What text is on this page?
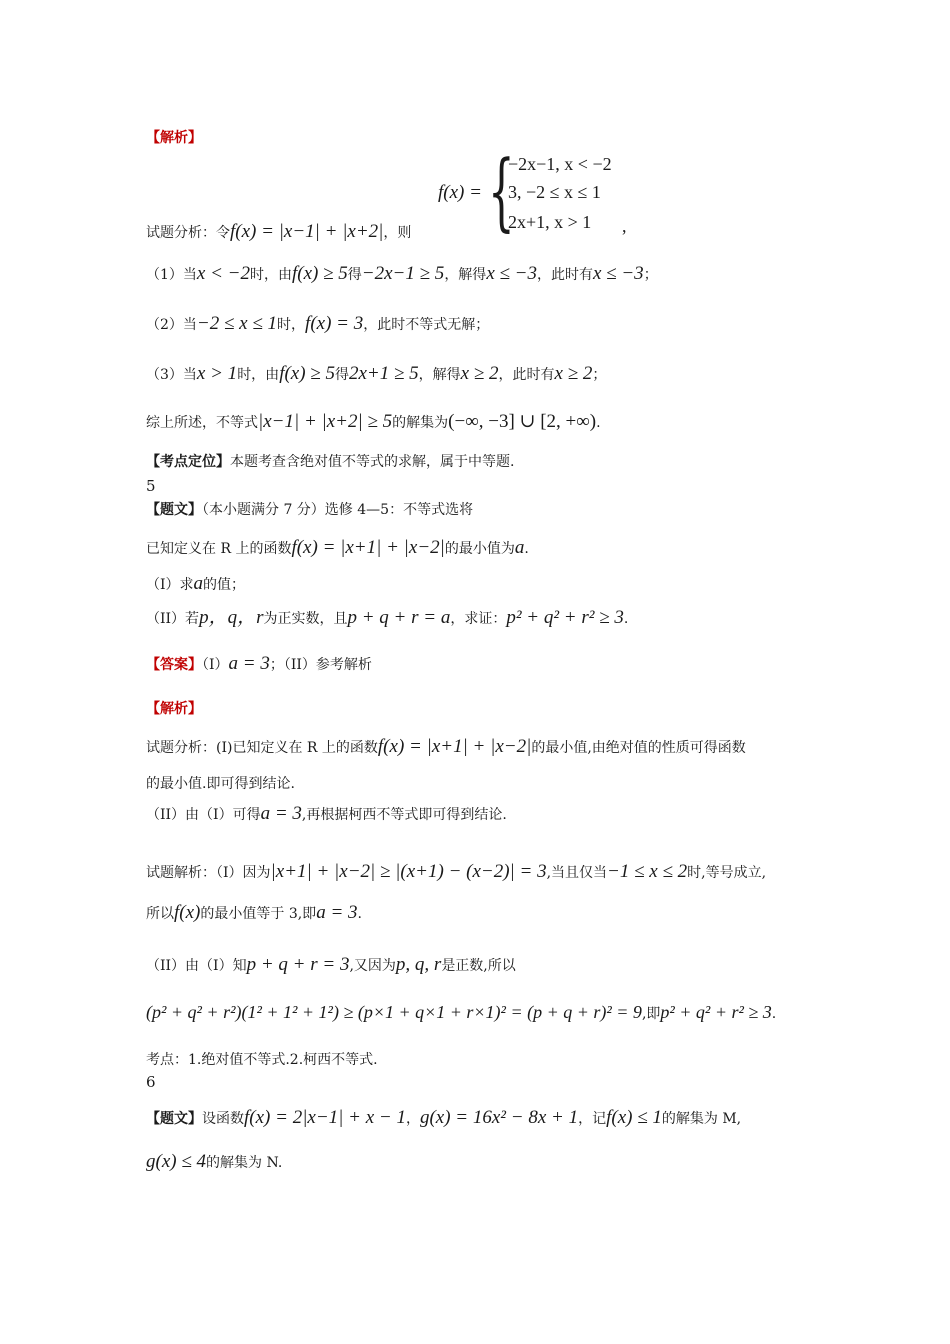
【解析】
f(x) = {
−2x−1, x < −2
3, −2 ≤ x ≤ 1
2x+1, x > 1 ,
试题分析：令f(x) = |x−1| + |x+2|，则
（1）当x < −2时，由f(x) ≥ 5得−2x−1 ≥ 5，解得x ≤ −3，此时有x ≤ −3；
（2）当−2 ≤ x ≤ 1时，f(x) = 3，此时不等式无解；
（3）当x > 1时，由f(x) ≥ 5得2x+1 ≥ 5，解得x ≥ 2，此时有x ≥ 2；
综上所述，不等式|x−1| + |x+2| ≥ 5的解集为(−∞, −3] ∪ [2, +∞).
【考点定位】本题考查含绝对值不等式的求解，属于中等题.
5
【题文】（本小题满分 7 分）选修 4—5：不等式选将
已知定义在 R 上的函数f(x) = |x+1| + |x−2|的最小值为a.
（I）求a的值；
（II）若p，q，r为正实数，且p + q + r = a，求证：p² + q² + r² ≥ 3.
【答案】（I）a = 3；（II）参考解析
【解析】
试题分析：(I)已知定义在 R 上的函数f(x) = |x+1| + |x−2|的最小值,由绝对值的性质可得函数
的最小值.即可得到结论.
（II）由（I）可得a = 3,再根据柯西不等式即可得到结论.
试题解析：（I）因为|x+1| + |x−2| ≥ |(x+1) − (x−2)| = 3,当且仅当−1 ≤ x ≤ 2时,等号成立,
所以f(x)的最小值等于 3,即a = 3.
（II）由（I）知p + q + r = 3,又因为p, q, r是正数,所以
(p² + q² + r²)(1² + 1² + 1²) ≥ (p×1 + q×1 + r×1)² = (p + q + r)² = 9,即p² + q² + r² ≥ 3.
考点：1.绝对值不等式.2.柯西不等式.
6
【题文】设函数f(x) = 2|x−1| + x − 1，g(x) = 16x² − 8x + 1，记f(x) ≤ 1的解集为 M,
g(x) ≤ 4的解集为 N.
